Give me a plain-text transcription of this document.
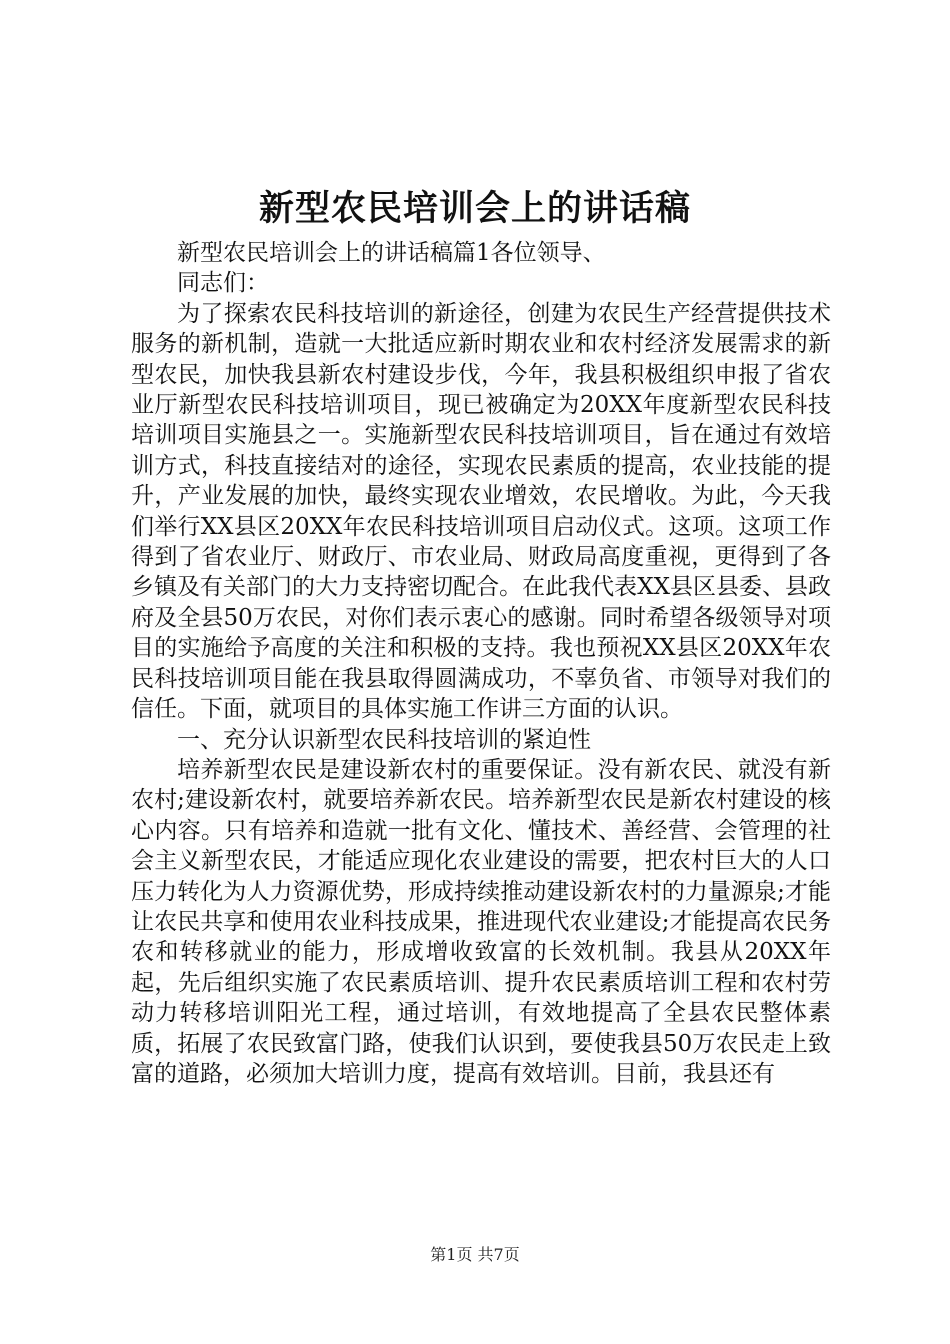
新型农民培训会上的讲话稿

新型农民培训会上的讲话稿篇1各位领导、

同志们：

为了探索农民科技培训的新途径，创建为农民生产经营提供技术服务的新机制，造就一大批适应新时期农业和农村经济发展需求的新型农民，加快我县新农村建设步伐，今年，我县积极组织申报了省农业厅新型农民科技培训项目，现已被确定为20XX年度新型农民科技培训项目实施县之一。实施新型农民科技培训项目，旨在通过有效培训方式，科技直接结对的途径，实现农民素质的提高，农业技能的提升，产业发展的加快，最终实现农业增效，农民增收。为此，今天我们举行XX县区20XX年农民科技培训项目启动仪式。这项。这项工作得到了省农业厅、财政厅、市农业局、财政局高度重视，更得到了各乡镇及有关部门的大力支持密切配合。在此我代表XX县区县委、县政府及全县50万农民，对你们表示衷心的感谢。同时希望各级领导对项目的实施给予高度的关注和积极的支持。我也预祝XX县区20XX年农民科技培训项目能在我县取得圆满成功，不辜负省、市领导对我们的信任。下面，就项目的具体实施工作讲三方面的认识。

一、充分认识新型农民科技培训的紧迫性

培养新型农民是建设新农村的重要保证。没有新农民、就没有新农村;建设新农村，就要培养新农民。培养新型农民是新农村建设的核心内容。只有培养和造就一批有文化、懂技术、善经营、会管理的社会主义新型农民，才能适应现化农业建设的需要，把农村巨大的人口压力转化为人力资源优势，形成持续推动建设新农村的力量源泉;才能让农民共享和使用农业科技成果，推进现代农业建设;才能提高农民务农和转移就业的能力，形成增收致富的长效机制。我县从20XX年起，先后组织实施了农民素质培训、提升农民素质培训工程和农村劳动力转移培训阳光工程，通过培训，有效地提高了全县农民整体素质，拓展了农民致富门路，使我们认识到，要使我县50万农民走上致富的道路，必须加大培训力度，提高有效培训。目前，我县还有

第1页 共7页
